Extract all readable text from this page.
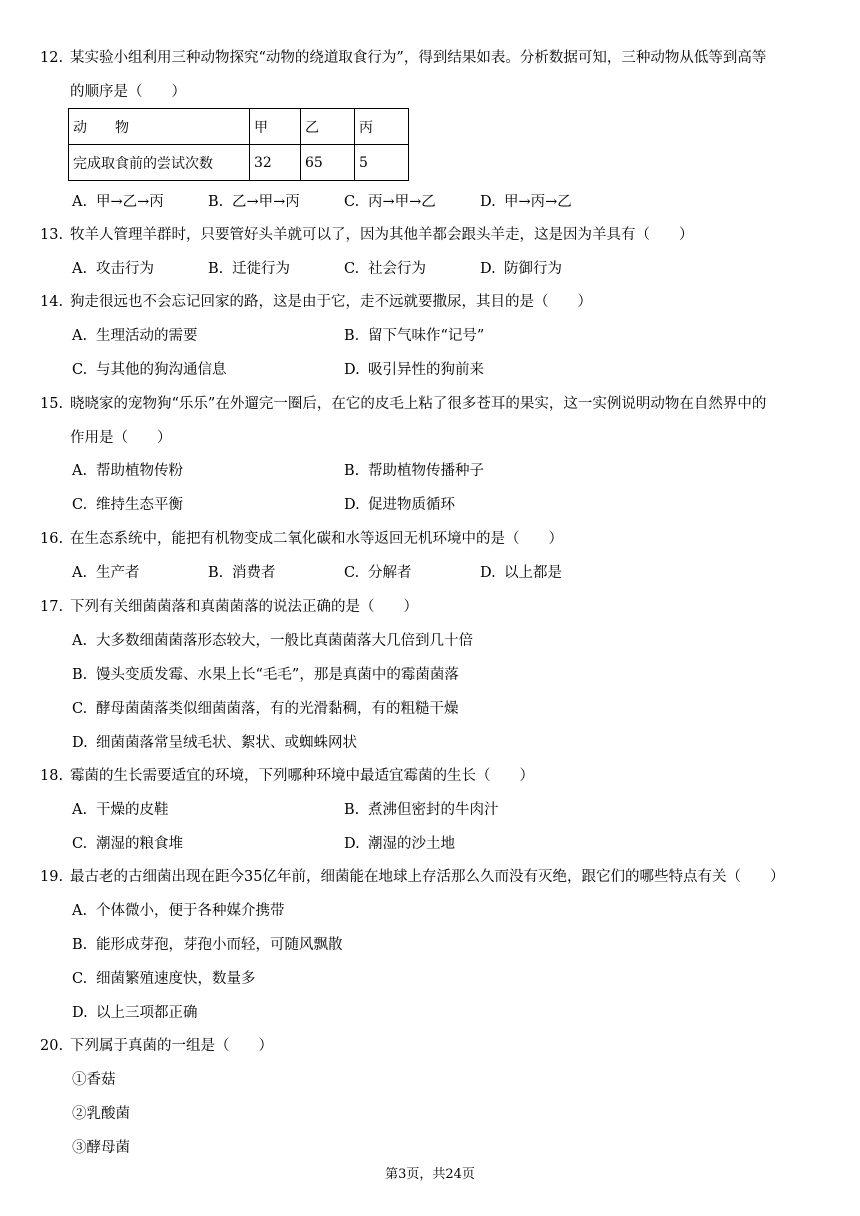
12. 某实验小组利用三种动物探究“动物的绕道取食行为”，得到结果如表。分析数据可知，三种动物从低等到高等
的顺序是（　　）
动　　物	甲	乙	丙
完成取食前的尝试次数	32	65	5
A. 甲→乙→丙	B. 乙→甲→丙	C. 丙→甲→乙	D. 甲→丙→乙
13. 牧羊人管理羊群时，只要管好头羊就可以了，因为其他羊都会跟头羊走，这是因为羊具有（　　）
A. 攻击行为	B. 迁徙行为	C. 社会行为	D. 防御行为
14. 狗走很远也不会忘记回家的路，这是由于它，走不远就要撒尿，其目的是（　　）
A. 生理活动的需要	B. 留下气味作“记号”
C. 与其他的狗沟通信息	D. 吸引异性的狗前来
15. 晓晓家的宠物狗“乐乐”在外遛完一圈后，在它的皮毛上粘了很多苍耳的果实，这一实例说明动物在自然界中的
作用是（　　）
A. 帮助植物传粉	B. 帮助植物传播种子
C. 维持生态平衡	D. 促进物质循环
16. 在生态系统中，能把有机物变成二氧化碳和水等返回无机环境中的是（　　）
A. 生产者	B. 消费者	C. 分解者	D. 以上都是
17. 下列有关细菌菌落和真菌菌落的说法正确的是（　　）
A. 大多数细菌菌落形态较大，一般比真菌菌落大几倍到几十倍
B. 馒头变质发霉、水果上长“毛毛”，那是真菌中的霉菌菌落
C. 酵母菌菌落类似细菌菌落，有的光滑黏稠，有的粗糙干燥
D. 细菌菌落常呈绒毛状、絮状、或蜘蛛网状
18. 霉菌的生长需要适宜的环境，下列哪种环境中最适宜霉菌的生长（　　）
A. 干燥的皮鞋	B. 煮沸但密封的牛肉汁
C. 潮湿的粮食堆	D. 潮湿的沙土地
19. 最古老的古细菌出现在距今35亿年前，细菌能在地球上存活那么久而没有灭绝，跟它们的哪些特点有关（　　）
A. 个体微小，便于各种媒介携带
B. 能形成芽孢，芽孢小而轻，可随风飘散
C. 细菌繁殖速度快，数量多
D. 以上三项都正确
20. 下列属于真菌的一组是（　　）
①香菇
②乳酸菌
③酵母菌
第3页，共24页
